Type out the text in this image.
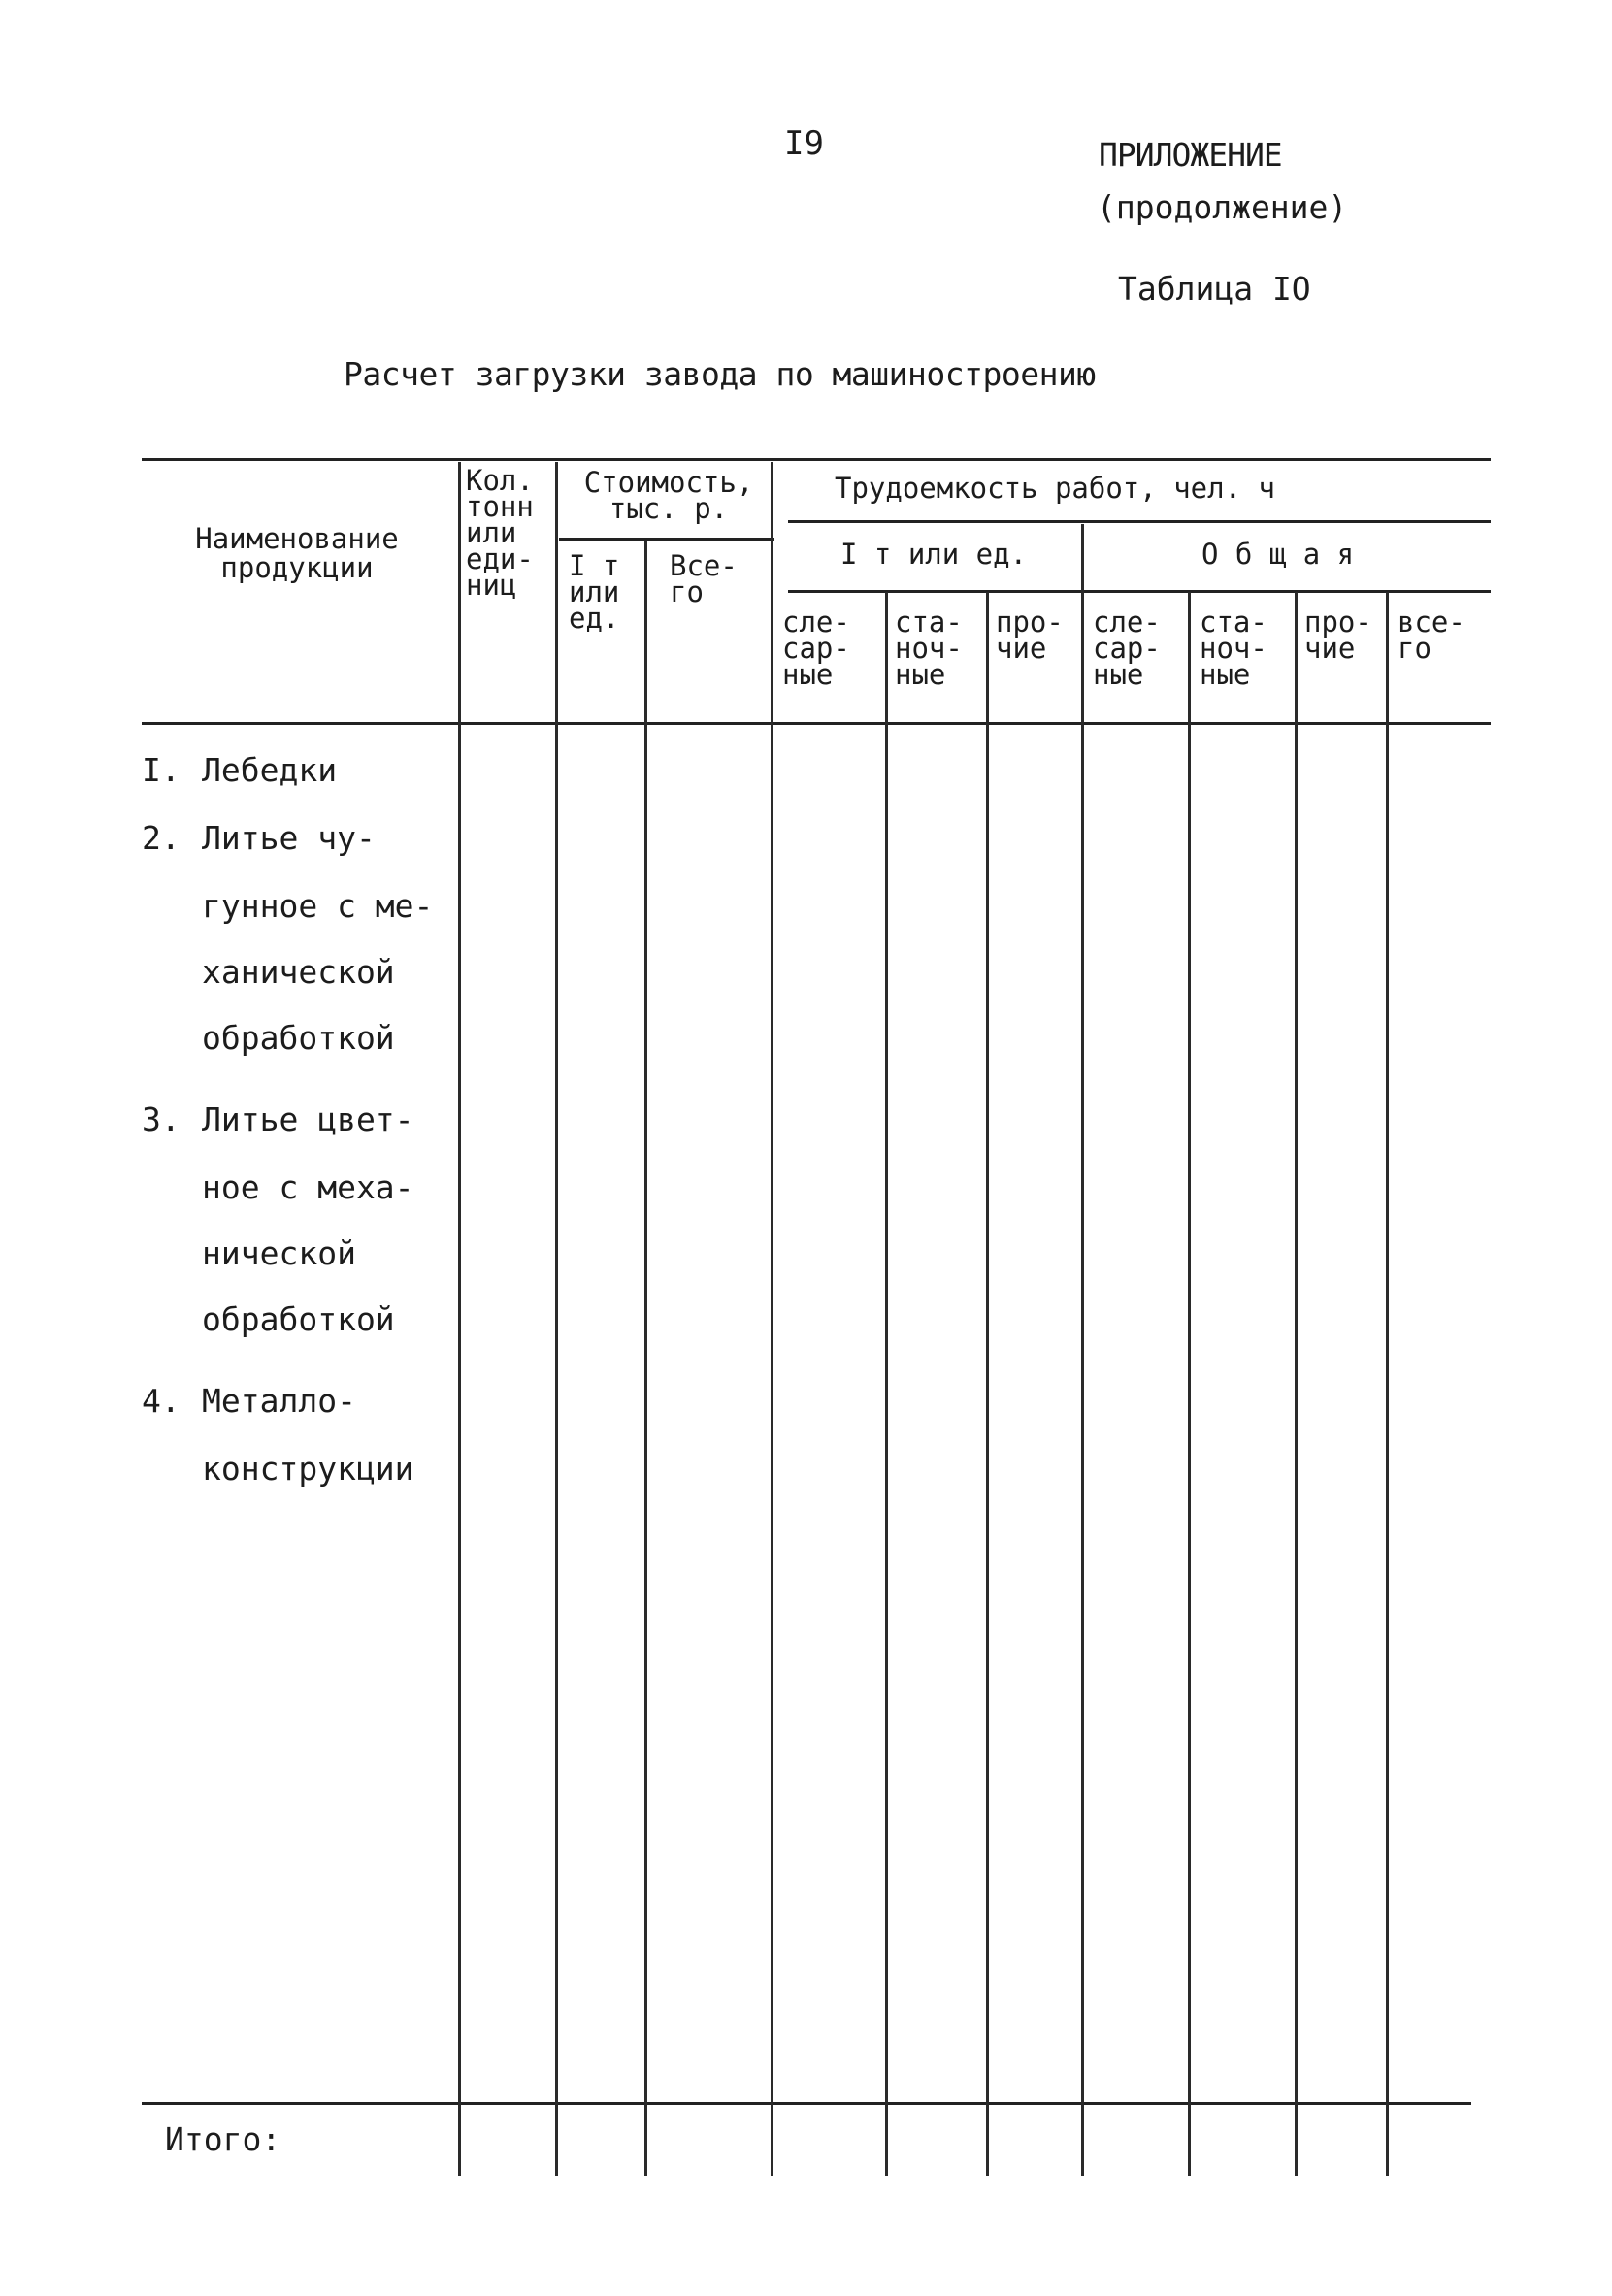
I9	ПРИЛОЖЕНИЕ
(продолжение)
Таблица IO
Расчет загрузки завода по машиностроению
Наименование
продукции
Кол.
тонн
или
еди-
ниц
Стоимость,
тыс. р.
I т
или
ед.
Все-
го
Трудоемкость работ, чел. ч
I т или ед.	О б щ а я
сле-
сар-
ные
ста-
ноч-
ные
про-
чие
сле-
сар-
ные
ста-
ноч-
ные
про-
чие
все-
го
I. Лебедки
2. Литье чу-
гунное с ме-
ханической
обработкой
3. Литье цвет-
ное с меха-
нической
обработкой
4. Металло-
конструкции
Итого:
